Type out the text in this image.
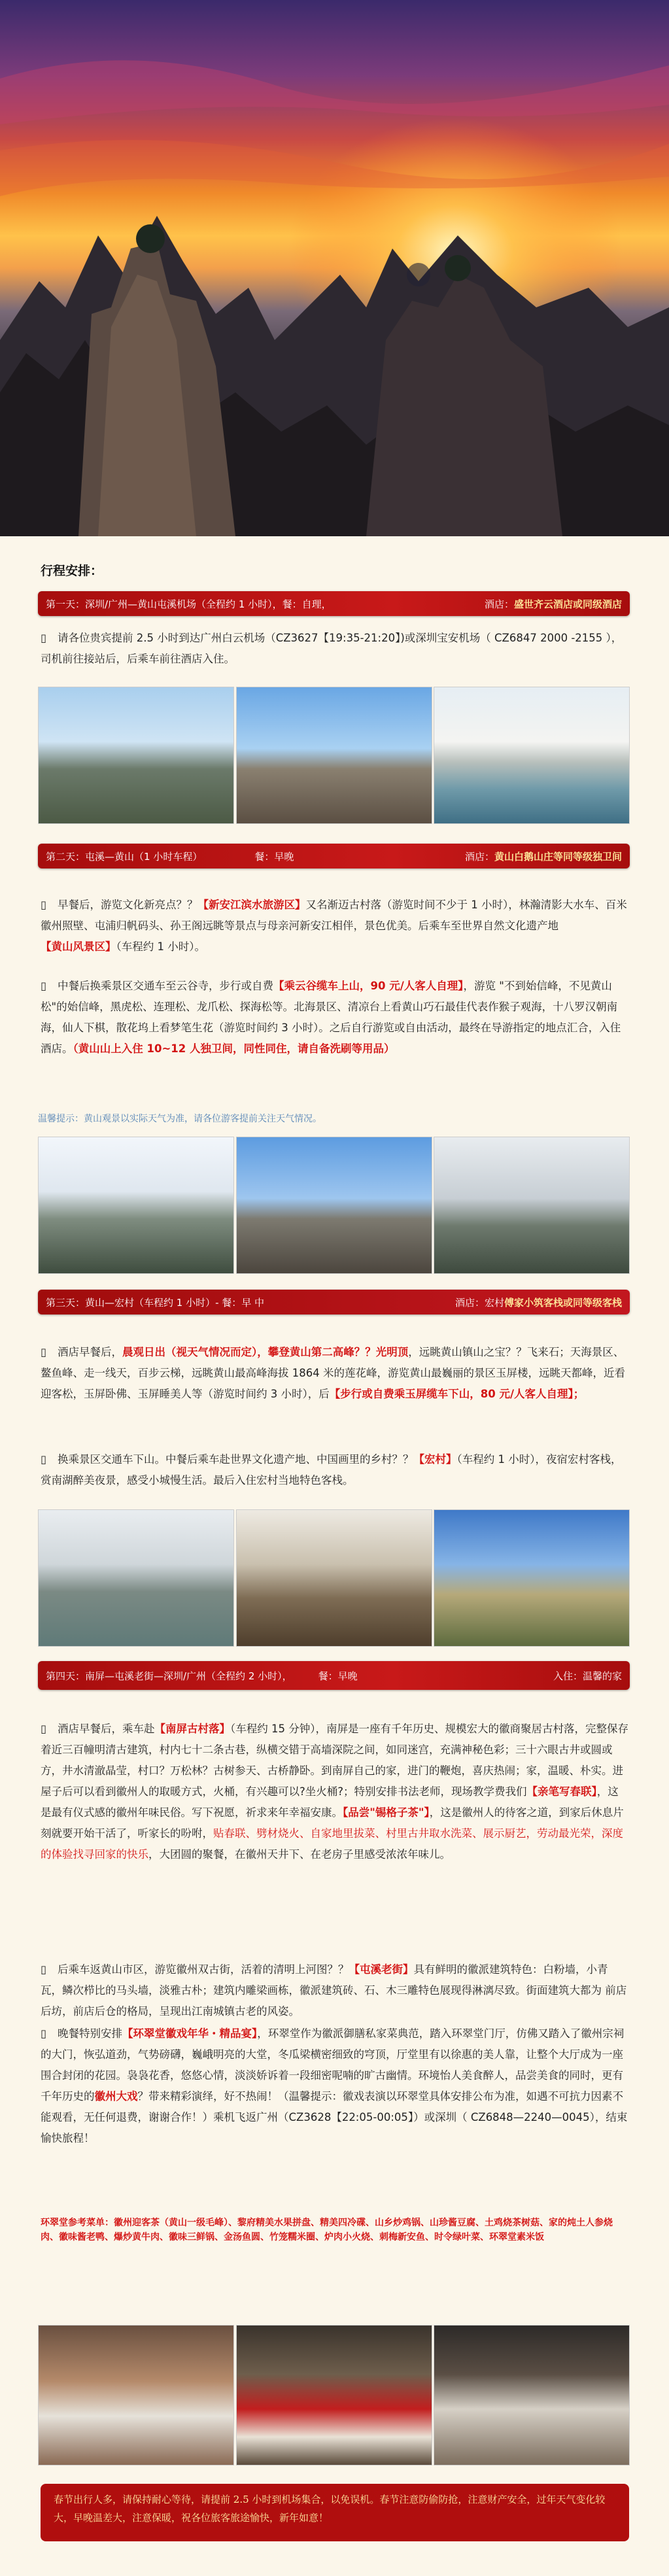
行程安排：
第一天：深圳/广州—黄山屯溪机场（全程约 1 小时），餐：自理，	酒店： 盛世齐云酒店或同级酒店
▯ 请各位贵宾提前 2.5 小时到达广州白云机场（CZ3627【19:35-21:20】)或深圳宝安机场（ CZ6847 2000 -2155 ），司机前往接站后，后乘车前往酒店入住。
第二天：屯溪—黄山（1 小时车程）	餐：早晚	酒店： 黄山白鹅山庄等同等级独卫间
▯ 早餐后，游览文化新亮点？？【新安江滨水旅游区】又名渐迈古村落（游览时间不少于 1 小时），林瀚清影大水车、百米徽州照壁、屯浦归帆码头、孙王阁远眺等景点与母亲河新安江相伴，景色优美。后乘车至世界自然文化遗产地【黄山风景区】（车程约 1 小时）。
▯ 中餐后换乘景区交通车至云谷寺，步行或自费【乘云谷缆车上山，90 元/人客人自理】，游览 "不到始信峰，不见黄山松"的始信峰，黑虎松、连理松、龙爪松、探海松等。北海景区、清凉台上看黄山巧石最佳代表作猴子观海，十八罗汉朝南海，仙人下棋，散花坞上看梦笔生花（游览时间约 3 小时）。之后自行游览或自由活动，最终在导游指定的地点汇合，入住酒店。（黄山山上入住 10~12 人独卫间，同性同住，请自备洗刷等用品）
温馨提示：黄山观景以实际天气为准，请各位游客提前关注天气情况。
第三天：黄山—宏村（车程约 1 小时）- 餐：早 中	酒店：宏村 傅家小筑客栈或同等级客栈
▯ 酒店早餐后，晨观日出（视天气情况而定），攀登黄山第二高峰？？光明顶，远眺黄山镇山之宝？？飞来石；天海景区、鳌鱼峰、走一线天，百步云梯，远眺黄山最高峰海拔 1864 米的莲花峰，游览黄山最巍丽的景区玉屏楼，远眺天都峰，近看迎客松，玉屏卧佛、玉屏睡美人等（游览时间约 3 小时），后【步行或自费乘玉屏缆车下山，80 元/人客人自理】；
▯ 换乘景区交通车下山。中餐后乘车赴世界文化遗产地、中国画里的乡村？？【宏村】（车程约 1 小时），夜宿宏村客栈，赏南湖醉美夜景，感受小城慢生活。最后入住宏村当地特色客栈。
第四天：南屏—屯溪老街—深圳/广州（全程约 2 小时），	餐：早晚	入住：温馨的家
▯ 酒店早餐后，乘车赴【南屏古村落】（车程约 15 分钟），南屏是一座有千年历史、规模宏大的徽商聚居古村落，完整保存着近三百幢明清古建筑，村内七十二条古巷，纵横交错于高墙深院之间，如同迷宫，充满神秘色彩；三十六眼古井或圆或方，井水清澈晶莹，村口？万松林？古树参天、古桥静卧。到南屏自己的家，进门的鞭炮，喜庆热闹；家，温暖、朴实。进屋子后可以看到徽州人的取暖方式，火桶，有兴趣可以?坐火桶?；特别安排书法老师，现场教学费我们【亲笔写春联】，这是最有仪式感的徽州年味民俗。写下祝愿，祈求来年幸福安康。【品尝"锡格子茶"】，这是徽州人的待客之道，到家后休息片刻就要开始干活了，听家长的吩咐，贴春联、劈材烧火、自家地里拔菜、村里古井取水洗菜、展示厨艺，劳动最光荣，深度的体验找寻回家的快乐，大团圆的聚餐，在徽州天井下、在老房子里感受浓浓年味儿。
▯ 后乘车返黄山市区，游览徽州双古街，活着的清明上河图？？【屯溪老街】具有鲜明的徽派建筑特色：白粉墙，小青瓦，鳞次栉比的马头墙，淡雅古朴；建筑内雕梁画栋，徽派建筑砖、石、木三雕特色展现得淋漓尽致。街面建筑大都为 前店后坊，前店后仓的格局，呈现出江南城镇古老的风姿。
▯ 晚餐特别安排【环翠堂徽戏年华・精品宴】，环翠堂作为徽派御膳私家菜典范，踏入环翠堂门厅，仿佛又踏入了徽州宗祠的大门，恢弘道劲，气势磅礴，巍峨明亮的大堂，冬瓜梁横密细致的穹顶，厅堂里有以徐惠的美人靠，让整个大厅成为一座围合封闭的花园。袅袅花香，悠悠心情，淡淡娇诉着一段细密呢喃的旷古幽情。环境怡人美食醉人，品尝美食的同时，更有千年历史的徽州大戏？带来精彩演绎，好不热闹！（温馨提示：徽戏表演以环翠堂具体安排公布为准，如遇不可抗力因素不能观看，无任何退费，谢谢合作！）乘机飞返广州（CZ3628【22:05-00:05】）或深圳（ CZ6848—2240—0045），结束愉快旅程！
环翠堂参考菜单：徽州迎客茶（黄山一级毛峰）、黎府精美水果拼盘、精美四冷碟、山乡炒鸡锅、山珍酱豆腐、土鸡烧茶树菇、家的炖土人参烧肉、徽味酱老鸭、爆炒黄牛肉、徽味三鲜锅、金汤鱼圆、竹笼糯米圈、炉肉小火烧、刺梅新安鱼、时令绿叶菜、环翠堂素米饭
春节出行人多，请保持耐心等待，请提前 2.5 小时到机场集合，以免误机。春节注意防偷防抢，注意财产安全，过年天气变化较大，早晚温差大，注意保暖，祝各位旅客旅途愉快，新年如意！
